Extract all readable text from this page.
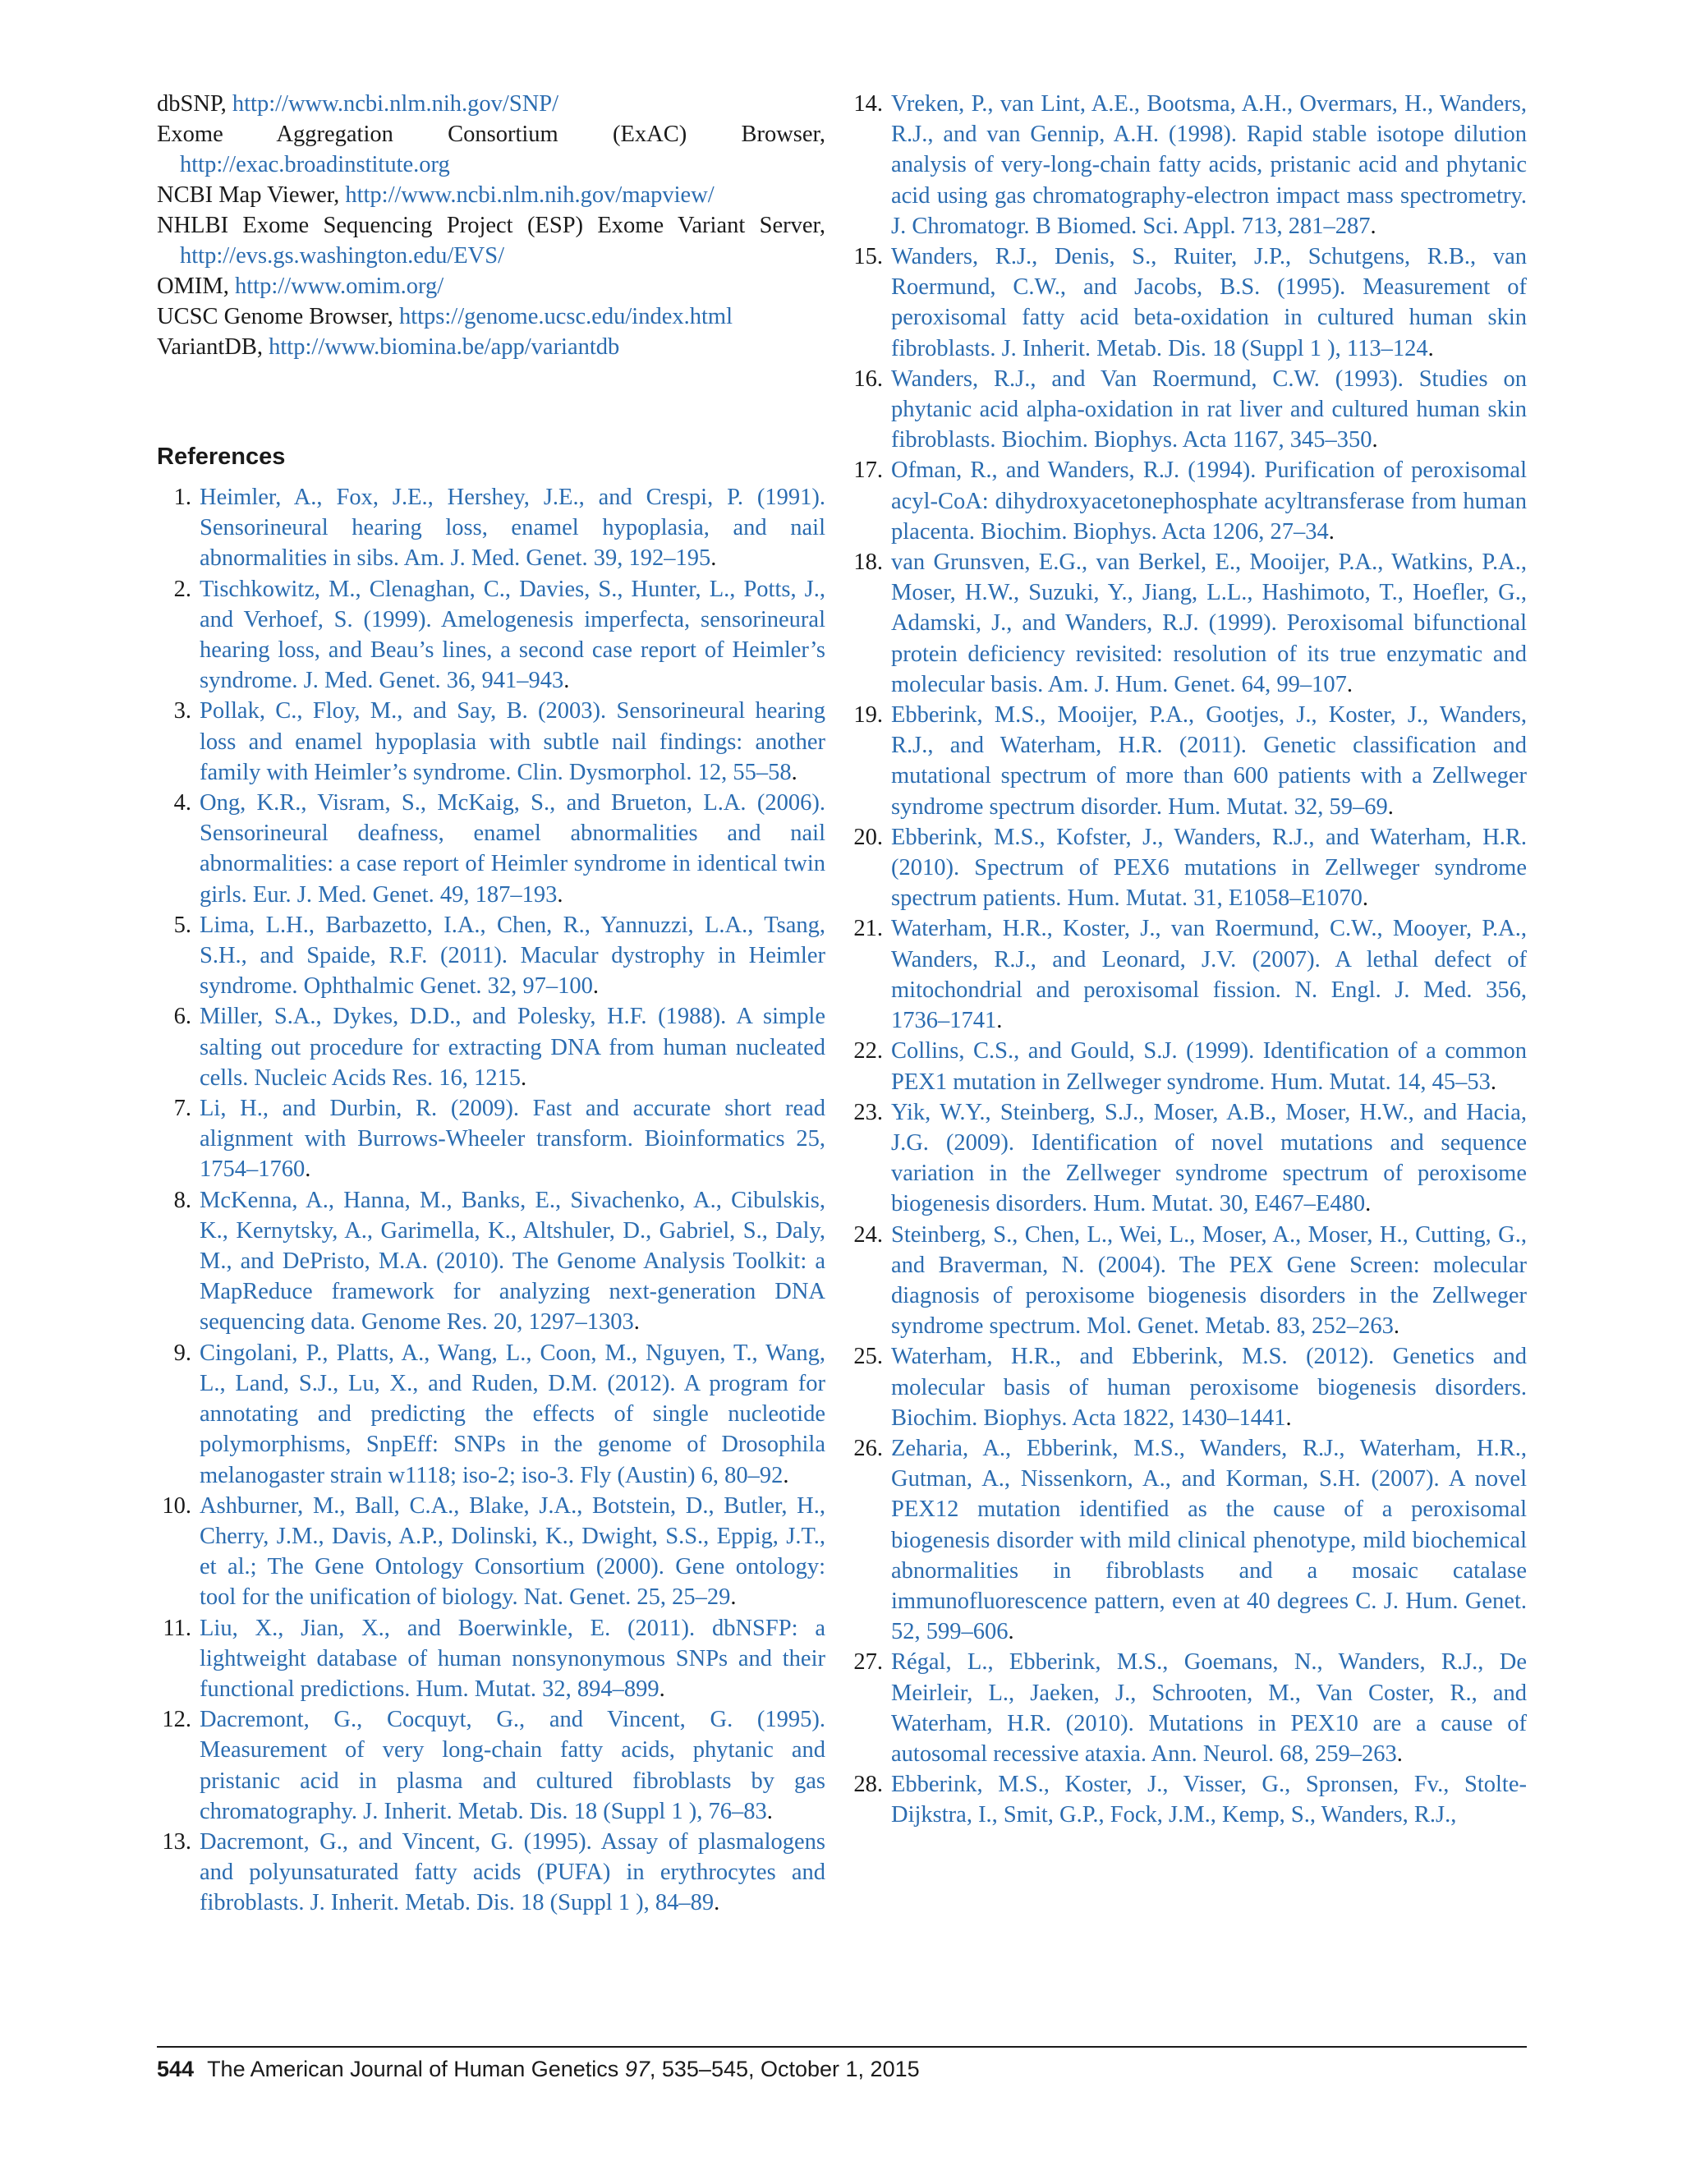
dbSNP, http://www.ncbi.nlm.nih.gov/SNP/
Exome Aggregation Consortium (ExAC) Browser, http://exac.broadinstitute.org
NCBI Map Viewer, http://www.ncbi.nlm.nih.gov/mapview/
NHLBI Exome Sequencing Project (ESP) Exome Variant Server, http://evs.gs.washington.edu/EVS/
OMIM, http://www.omim.org/
UCSC Genome Browser, https://genome.ucsc.edu/index.html
VariantDB, http://www.biomina.be/app/variantdb
References
1. Heimler, A., Fox, J.E., Hershey, J.E., and Crespi, P. (1991). Sensorineural hearing loss, enamel hypoplasia, and nail abnormalities in sibs. Am. J. Med. Genet. 39, 192–195.
2. Tischkowitz, M., Clenaghan, C., Davies, S., Hunter, L., Potts, J., and Verhoef, S. (1999). Amelogenesis imperfecta, sensorineural hearing loss, and Beau’s lines, a second case report of Heimler’s syndrome. J. Med. Genet. 36, 941–943.
3. Pollak, C., Floy, M., and Say, B. (2003). Sensorineural hearing loss and enamel hypoplasia with subtle nail findings: another family with Heimler’s syndrome. Clin. Dysmorphol. 12, 55–58.
4. Ong, K.R., Visram, S., McKaig, S., and Brueton, L.A. (2006). Sensorineural deafness, enamel abnormalities and nail abnormalities: a case report of Heimler syndrome in identical twin girls. Eur. J. Med. Genet. 49, 187–193.
5. Lima, L.H., Barbazetto, I.A., Chen, R., Yannuzzi, L.A., Tsang, S.H., and Spaide, R.F. (2011). Macular dystrophy in Heimler syndrome. Ophthalmic Genet. 32, 97–100.
6. Miller, S.A., Dykes, D.D., and Polesky, H.F. (1988). A simple salting out procedure for extracting DNA from human nucleated cells. Nucleic Acids Res. 16, 1215.
7. Li, H., and Durbin, R. (2009). Fast and accurate short read alignment with Burrows-Wheeler transform. Bioinformatics 25, 1754–1760.
8. McKenna, A., Hanna, M., Banks, E., Sivachenko, A., Cibulskis, K., Kernytsky, A., Garimella, K., Altshuler, D., Gabriel, S., Daly, M., and DePristo, M.A. (2010). The Genome Analysis Toolkit: a MapReduce framework for analyzing next-generation DNA sequencing data. Genome Res. 20, 1297–1303.
9. Cingolani, P., Platts, A., Wang, L., Coon, M., Nguyen, T., Wang, L., Land, S.J., Lu, X., and Ruden, D.M. (2012). A program for annotating and predicting the effects of single nucleotide polymorphisms, SnpEff: SNPs in the genome of Drosophila melanogaster strain w1118; iso-2; iso-3. Fly (Austin) 6, 80–92.
10. Ashburner, M., Ball, C.A., Blake, J.A., Botstein, D., Butler, H., Cherry, J.M., Davis, A.P., Dolinski, K., Dwight, S.S., Eppig, J.T., et al.; The Gene Ontology Consortium (2000). Gene ontology: tool for the unification of biology. Nat. Genet. 25, 25–29.
11. Liu, X., Jian, X., and Boerwinkle, E. (2011). dbNSFP: a lightweight database of human nonsynonymous SNPs and their functional predictions. Hum. Mutat. 32, 894–899.
12. Dacremont, G., Cocquyt, G., and Vincent, G. (1995). Measurement of very long-chain fatty acids, phytanic and pristanic acid in plasma and cultured fibroblasts by gas chromatography. J. Inherit. Metab. Dis. 18 (Suppl 1 ), 76–83.
13. Dacremont, G., and Vincent, G. (1995). Assay of plasmalogens and polyunsaturated fatty acids (PUFA) in erythrocytes and fibroblasts. J. Inherit. Metab. Dis. 18 (Suppl 1 ), 84–89.
14. Vreken, P., van Lint, A.E., Bootsma, A.H., Overmars, H., Wanders, R.J., and van Gennip, A.H. (1998). Rapid stable isotope dilution analysis of very-long-chain fatty acids, pristanic acid and phytanic acid using gas chromatography-electron impact mass spectrometry. J. Chromatogr. B Biomed. Sci. Appl. 713, 281–287.
15. Wanders, R.J., Denis, S., Ruiter, J.P., Schutgens, R.B., van Roermund, C.W., and Jacobs, B.S. (1995). Measurement of peroxisomal fatty acid beta-oxidation in cultured human skin fibroblasts. J. Inherit. Metab. Dis. 18 (Suppl 1 ), 113–124.
16. Wanders, R.J., and Van Roermund, C.W. (1993). Studies on phytanic acid alpha-oxidation in rat liver and cultured human skin fibroblasts. Biochim. Biophys. Acta 1167, 345–350.
17. Ofman, R., and Wanders, R.J. (1994). Purification of peroxisomal acyl-CoA: dihydroxyacetonephosphate acyltransferase from human placenta. Biochim. Biophys. Acta 1206, 27–34.
18. van Grunsven, E.G., van Berkel, E., Mooijer, P.A., Watkins, P.A., Moser, H.W., Suzuki, Y., Jiang, L.L., Hashimoto, T., Hoefler, G., Adamski, J., and Wanders, R.J. (1999). Peroxisomal bifunctional protein deficiency revisited: resolution of its true enzymatic and molecular basis. Am. J. Hum. Genet. 64, 99–107.
19. Ebberink, M.S., Mooijer, P.A., Gootjes, J., Koster, J., Wanders, R.J., and Waterham, H.R. (2011). Genetic classification and mutational spectrum of more than 600 patients with a Zellweger syndrome spectrum disorder. Hum. Mutat. 32, 59–69.
20. Ebberink, M.S., Kofster, J., Wanders, R.J., and Waterham, H.R. (2010). Spectrum of PEX6 mutations in Zellweger syndrome spectrum patients. Hum. Mutat. 31, E1058–E1070.
21. Waterham, H.R., Koster, J., van Roermund, C.W., Mooyer, P.A., Wanders, R.J., and Leonard, J.V. (2007). A lethal defect of mitochondrial and peroxisomal fission. N. Engl. J. Med. 356, 1736–1741.
22. Collins, C.S., and Gould, S.J. (1999). Identification of a common PEX1 mutation in Zellweger syndrome. Hum. Mutat. 14, 45–53.
23. Yik, W.Y., Steinberg, S.J., Moser, A.B., Moser, H.W., and Hacia, J.G. (2009). Identification of novel mutations and sequence variation in the Zellweger syndrome spectrum of peroxisome biogenesis disorders. Hum. Mutat. 30, E467–E480.
24. Steinberg, S., Chen, L., Wei, L., Moser, A., Moser, H., Cutting, G., and Braverman, N. (2004). The PEX Gene Screen: molecular diagnosis of peroxisome biogenesis disorders in the Zellweger syndrome spectrum. Mol. Genet. Metab. 83, 252–263.
25. Waterham, H.R., and Ebberink, M.S. (2012). Genetics and molecular basis of human peroxisome biogenesis disorders. Biochim. Biophys. Acta 1822, 1430–1441.
26. Zeharia, A., Ebberink, M.S., Wanders, R.J., Waterham, H.R., Gutman, A., Nissenkorn, A., and Korman, S.H. (2007). A novel PEX12 mutation identified as the cause of a peroxisomal biogenesis disorder with mild clinical phenotype, mild biochemical abnormalities in fibroblasts and a mosaic catalase immunofluorescence pattern, even at 40 degrees C. J. Hum. Genet. 52, 599–606.
27. Régal, L., Ebberink, M.S., Goemans, N., Wanders, R.J., De Meirleir, L., Jaeken, J., Schrooten, M., Van Coster, R., and Waterham, H.R. (2010). Mutations in PEX10 are a cause of autosomal recessive ataxia. Ann. Neurol. 68, 259–263.
28. Ebberink, M.S., Koster, J., Visser, G., Spronsen, Fv., Stolte-Dijkstra, I., Smit, G.P., Fock, J.M., Kemp, S., Wanders, R.J.,
544 The American Journal of Human Genetics 97, 535–545, October 1, 2015
